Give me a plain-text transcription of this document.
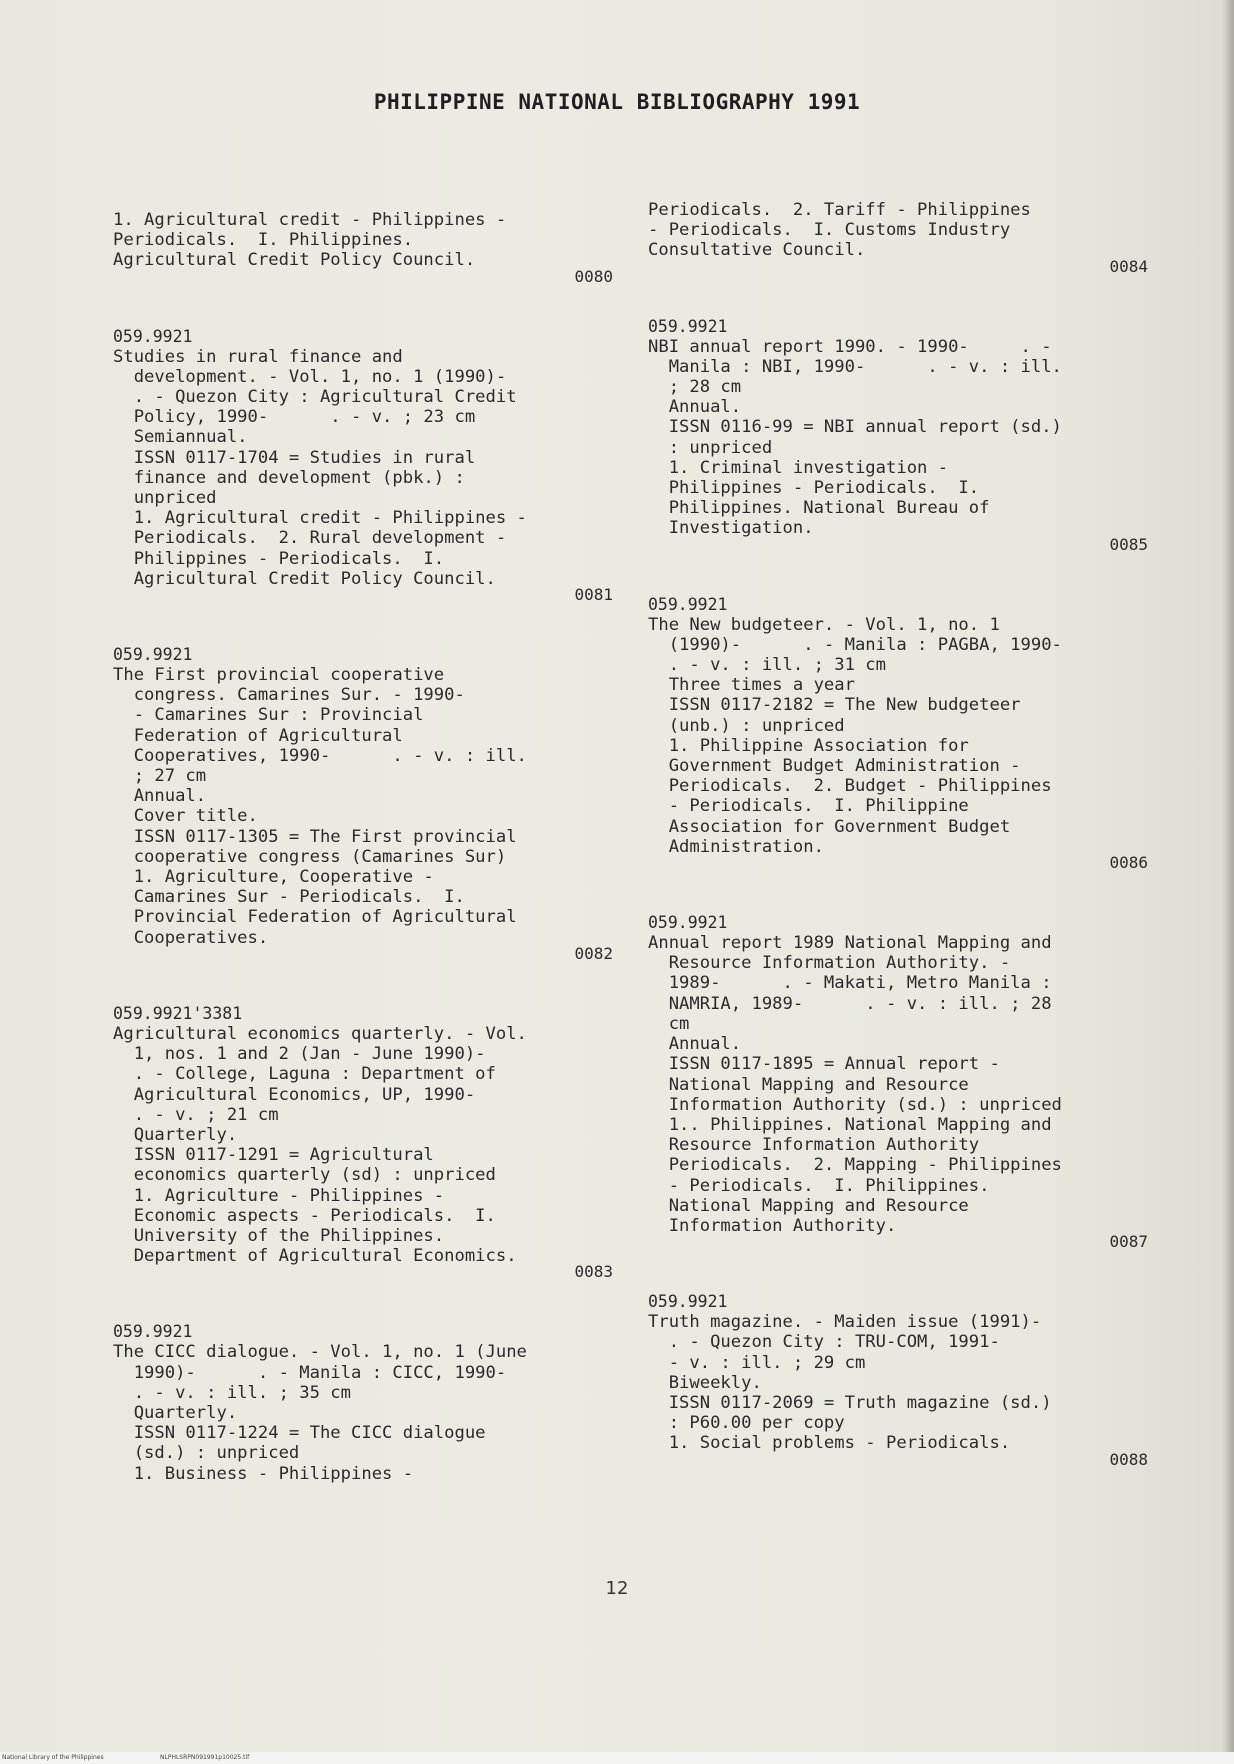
PHILIPPINE NATIONAL BIBLIOGRAPHY 1991
1. Agricultural credit - Philippines -
Periodicals.  I. Philippines.
Agricultural Credit Policy Council.
0080
059.9921
Studies in rural finance and
development. - Vol. 1, no. 1 (1990)-
. - Quezon City : Agricultural Credit
Policy, 1990-      . - v. ; 23 cm
Semiannual.
ISSN 0117-1704 = Studies in rural
finance and development (pbk.) :
unpriced
1. Agricultural credit - Philippines -
Periodicals.  2. Rural development -
Philippines - Periodicals.  I.
Agricultural Credit Policy Council.
0081
059.9921
The First provincial cooperative
congress. Camarines Sur. - 1990-
- Camarines Sur : Provincial
Federation of Agricultural
Cooperatives, 1990-      . - v. : ill.
; 27 cm
Annual.
Cover title.
ISSN 0117-1305 = The First provincial
cooperative congress (Camarines Sur)
1. Agriculture, Cooperative -
Camarines Sur - Periodicals.  I.
Provincial Federation of Agricultural
Cooperatives.
0082
059.9921'3381
Agricultural economics quarterly. - Vol.
1, nos. 1 and 2 (Jan - June 1990)-
. - College, Laguna : Department of
Agricultural Economics, UP, 1990-
. - v. ; 21 cm
Quarterly.
ISSN 0117-1291 = Agricultural
economics quarterly (sd) : unpriced
1. Agriculture - Philippines -
Economic aspects - Periodicals.  I.
University of the Philippines.
Department of Agricultural Economics.
0083
059.9921
The CICC dialogue. - Vol. 1, no. 1 (June
1990)-      . - Manila : CICC, 1990-
. - v. : ill. ; 35 cm
Quarterly.
ISSN 0117-1224 = The CICC dialogue
(sd.) : unpriced
1. Business - Philippines -
Periodicals.  2. Tariff - Philippines
- Periodicals.  I. Customs Industry
Consultative Council.
0084
059.9921
NBI annual report 1990. - 1990-     . -
Manila : NBI, 1990-      . - v. : ill.
; 28 cm
Annual.
ISSN 0116-99 = NBI annual report (sd.)
: unpriced
1. Criminal investigation -
Philippines - Periodicals.  I.
Philippines. National Bureau of
Investigation.
0085
059.9921
The New budgeteer. - Vol. 1, no. 1
(1990)-      . - Manila : PAGBA, 1990-
. - v. : ill. ; 31 cm
Three times a year
ISSN 0117-2182 = The New budgeteer
(unb.) : unpriced
1. Philippine Association for
Government Budget Administration -
Periodicals.  2. Budget - Philippines
- Periodicals.  I. Philippine
Association for Government Budget
Administration.
0086
059.9921
Annual report 1989 National Mapping and
Resource Information Authority. -
1989-      . - Makati, Metro Manila :
NAMRIA, 1989-      . - v. : ill. ; 28
cm
Annual.
ISSN 0117-1895 = Annual report -
National Mapping and Resource
Information Authority (sd.) : unpriced
1.. Philippines. National Mapping and
Resource Information Authority
Periodicals.  2. Mapping - Philippines
- Periodicals.  I. Philippines.
National Mapping and Resource
Information Authority.
0087
059.9921
Truth magazine. - Maiden issue (1991)-
. - Quezon City : TRU-COM, 1991-
- v. : ill. ; 29 cm
Biweekly.
ISSN 0117-2069 = Truth magazine (sd.)
: P60.00 per copy
1. Social problems - Periodicals.
0088
12
National Library of the Philippines	NLPHLSRPN091991p10025.tif
